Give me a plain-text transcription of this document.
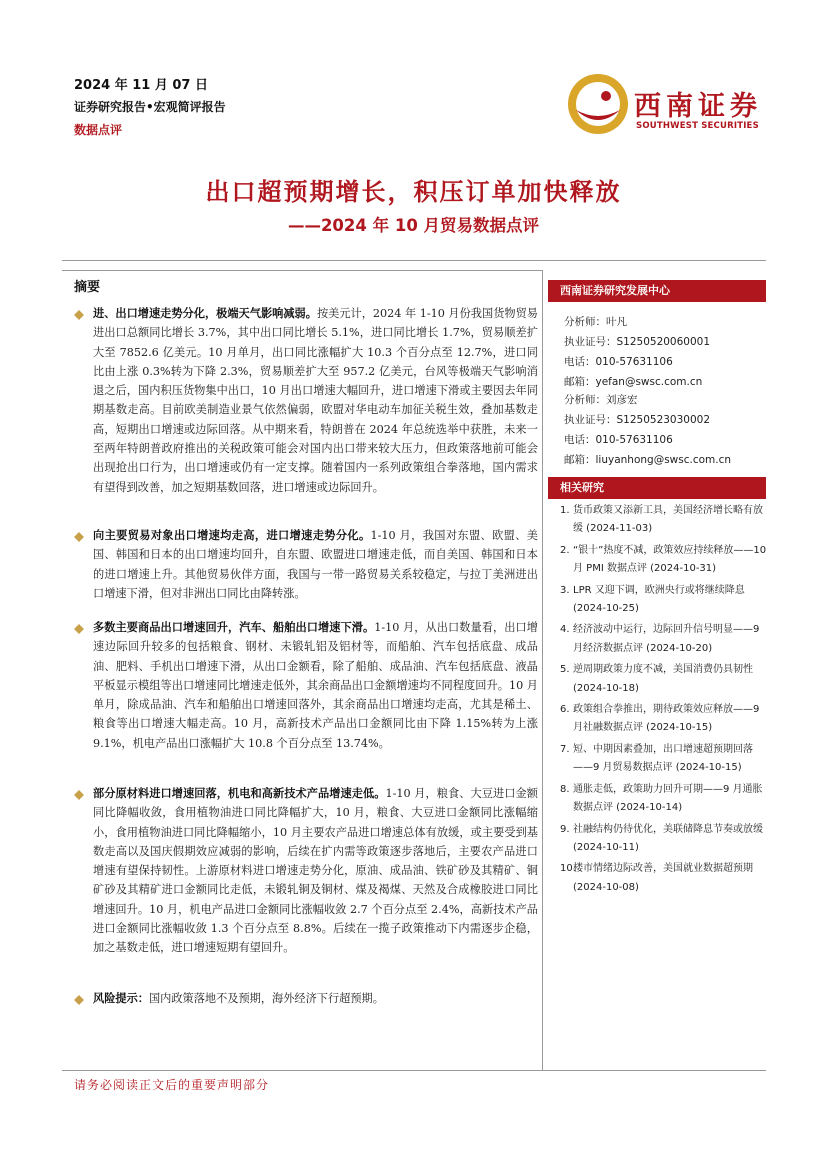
2024 年 11 月 07 日
证券研究报告•宏观简评报告
数据点评
西南证券
SOUTHWEST SECURITIES
出口超预期增长，积压订单加快释放
——2024 年 10 月贸易数据点评
摘要
进、出口增速走势分化，极端天气影响减弱。按美元计，2024 年 1-10 月份我国货物贸易进出口总额同比增长 3.7%，其中出口同比增长 5.1%，进口同比增长 1.7%，贸易顺差扩大至 7852.6 亿美元。10 月单月，出口同比涨幅扩大 10.3 个百分点至 12.7%，进口同比由上涨 0.3%转为下降 2.3%，贸易顺差扩大至 957.2 亿美元，台风等极端天气影响消退之后，国内积压货物集中出口，10 月出口增速大幅回升，进口增速下滑或主要因去年同期基数走高。目前欧美制造业景气依然偏弱，欧盟对华电动车加征关税生效，叠加基数走高，短期出口增速或边际回落。从中期来看，特朗普在 2024 年总统选举中获胜，未来一至两年特朗普政府推出的关税政策可能会对国内出口带来较大压力，但政策落地前可能会出现抢出口行为，出口增速或仍有一定支撑。随着国内一系列政策组合拳落地，国内需求有望得到改善，加之短期基数回落，进口增速或边际回升。
向主要贸易对象出口增速均走高，进口增速走势分化。1-10 月，我国对东盟、欧盟、美国、韩国和日本的出口增速均回升，自东盟、欧盟进口增速走低，而自美国、韩国和日本的进口增速上升。其他贸易伙伴方面，我国与一带一路贸易关系较稳定，与拉丁美洲进出口增速下滑，但对非洲出口同比由降转涨。
多数主要商品出口增速回升，汽车、船舶出口增速下滑。1-10 月，从出口数量看，出口增速边际回升较多的包括粮食、钢材、未锻轧铝及铝材等，而船舶、汽车包括底盘、成品油、肥料、手机出口增速下滑，从出口金额看，除了船舶、成品油、汽车包括底盘、液晶平板显示模组等出口增速同比增速走低外，其余商品出口金额增速均不同程度回升。10 月单月，除成品油、汽车和船舶出口增速回落外，其余商品出口增速均走高，尤其是稀土、粮食等出口增速大幅走高。10 月，高新技术产品出口金额同比由下降 1.15%转为上涨 9.1%，机电产品出口涨幅扩大 10.8 个百分点至 13.74%。
部分原材料进口增速回落，机电和高新技术产品增速走低。1-10 月，粮食、大豆进口金额同比降幅收敛，食用植物油进口同比降幅扩大，10 月，粮食、大豆进口金额同比涨幅缩小，食用植物油进口同比降幅缩小，10 月主要农产品进口增速总体有放缓，或主要受到基数走高以及国庆假期效应减弱的影响，后续在扩内需等政策逐步落地后，主要农产品进口增速有望保持韧性。上游原材料进口增速走势分化，原油、成品油、铁矿砂及其精矿、铜矿砂及其精矿进口金额同比走低，未锻轧铜及铜材、煤及褐煤、天然及合成橡胶进口同比增速回升。10 月，机电产品进口金额同比涨幅收敛 2.7 个百分点至 2.4%，高新技术产品进口金额同比涨幅收敛 1.3 个百分点至 8.8%。后续在一揽子政策推动下内需逐步企稳，加之基数走低，进口增速短期有望回升。
风险提示：国内政策落地不及预期，海外经济下行超预期。
西南证券研究发展中心
分析师：叶凡
执业证号：S1250520060001
电话：010-57631106
邮箱：yefan@swsc.com.cn
分析师：刘彦宏
执业证号：S1250523030002
电话：010-57631106
邮箱：liuyanhong@swsc.com.cn
相关研究
1. 货币政策又添新工具，美国经济增长略有放缓 (2024-11-03)
2. “银十”热度不减，政策效应持续释放——10 月 PMI 数据点评 (2024-10-31)
3. LPR 又迎下调，欧洲央行或将继续降息 (2024-10-25)
4. 经济波动中运行，边际回升信号明显——9 月经济数据点评 (2024-10-20)
5. 逆周期政策力度不减，美国消费仍具韧性 (2024-10-18)
6. 政策组合拳推出，期待政策效应释放——9 月社融数据点评 (2024-10-15)
7. 短、中期因素叠加，出口增速超预期回落——9 月贸易数据点评 (2024-10-15)
8. 通胀走低，政策助力回升可期——9 月通胀数据点评 (2024-10-14)
9. 社融结构仍待优化，美联储降息节奏或放缓 (2024-10-11)
10.
楼市情绪边际改善，美国就业数据超预期 (2024-10-08)
请务必阅读正文后的重要声明部分
